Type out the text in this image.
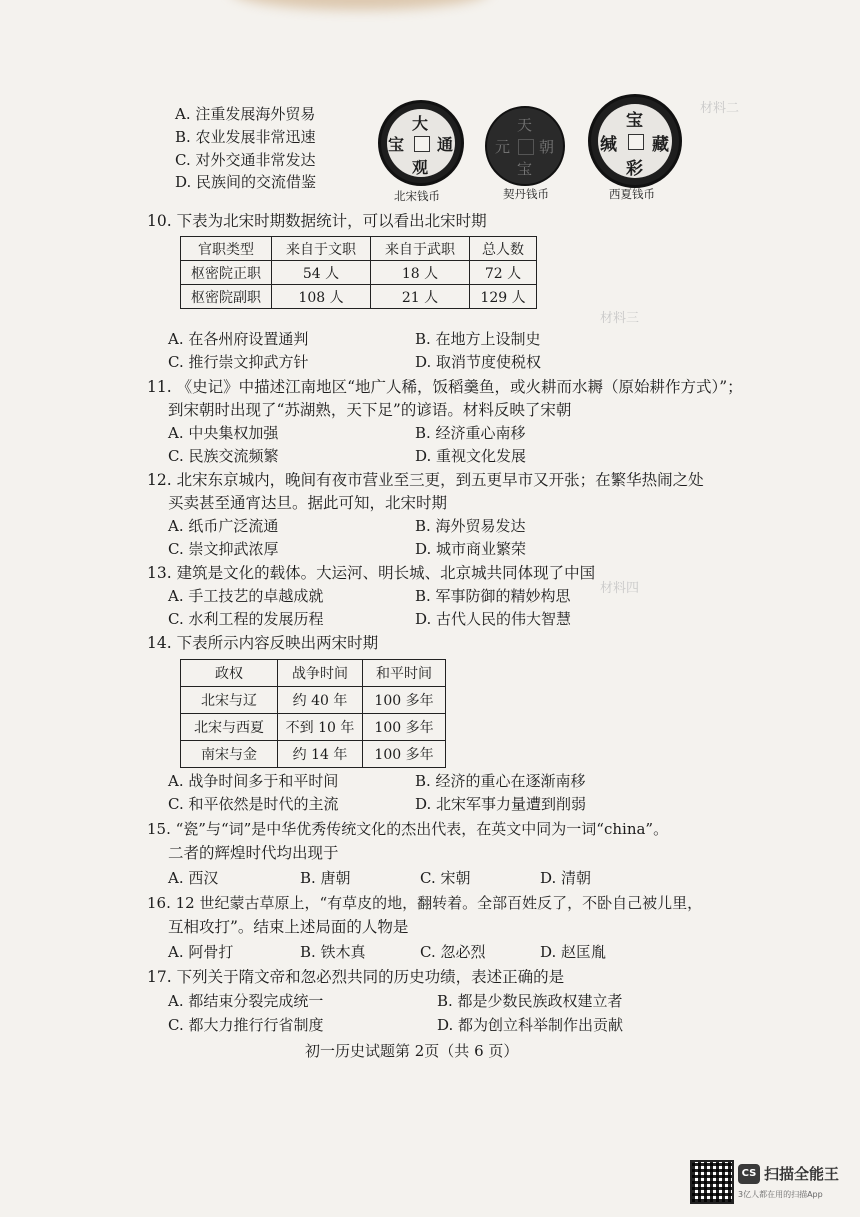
材料二
材料三
材料四
A. 注重发展海外贸易
B. 农业发展非常迅速
C. 对外交通非常发达
D. 民族间的交流借鉴
大
通
观
宝
北宋钱币
天
元
宝
朝
契丹钱币
宝
藏
彩
缄
西夏钱币
10. 下表为北宋时期数据统计，可以看出北宋时期
官职类型	来自于文职	来自于武职	总人数
枢密院正职	54 人	18 人	72 人
枢密院副职	108 人	21 人	129 人
A. 在各州府设置通判	B. 在地方上设制史
C. 推行崇文抑武方针	D. 取消节度使税权
11. 《史记》中描述江南地区“地广人稀，饭稻羹鱼，或火耕而水耨（原始耕作方式）”；
到宋朝时出现了“苏湖熟，天下足”的谚语。材料反映了宋朝
A. 中央集权加强	B. 经济重心南移
C. 民族交流频繁	D. 重视文化发展
12. 北宋东京城内，晚间有夜市营业至三更，到五更早市又开张；在繁华热闹之处
买卖甚至通宵达旦。据此可知，北宋时期
A. 纸币广泛流通	B. 海外贸易发达
C. 崇文抑武浓厚	D. 城市商业繁荣
13. 建筑是文化的载体。大运河、明长城、北京城共同体现了中国
A. 手工技艺的卓越成就	B. 军事防御的精妙构思
C. 水利工程的发展历程	D. 古代人民的伟大智慧
14. 下表所示内容反映出两宋时期
政权	战争时间	和平时间
北宋与辽	约 40 年	100 多年
北宋与西夏	不到 10 年	100 多年
南宋与金	约 14 年	100 多年
A. 战争时间多于和平时间	B. 经济的重心在逐渐南移
C. 和平依然是时代的主流	D. 北宋军事力量遭到削弱
15. “瓷”与“词”是中华优秀传统文化的杰出代表，在英文中同为一词“china”。
二者的辉煌时代均出现于
A. 西汉	B. 唐朝	C. 宋朝	D. 清朝
16. 12 世纪蒙古草原上，“有草皮的地，翻转着。全部百姓反了，不卧自己被儿里，
互相攻打”。结束上述局面的人物是
A. 阿骨打	B. 铁木真	C. 忽必烈	D. 赵匡胤
17. 下列关于隋文帝和忽必烈共同的历史功绩，表述正确的是
A. 都结束分裂完成统一	B. 都是少数民族政权建立者
C. 都大力推行行省制度	D. 都为创立科举制作出贡献
初一历史试题第 2页（共 6 页）
CS 扫描全能王
3亿人都在用的扫描App
